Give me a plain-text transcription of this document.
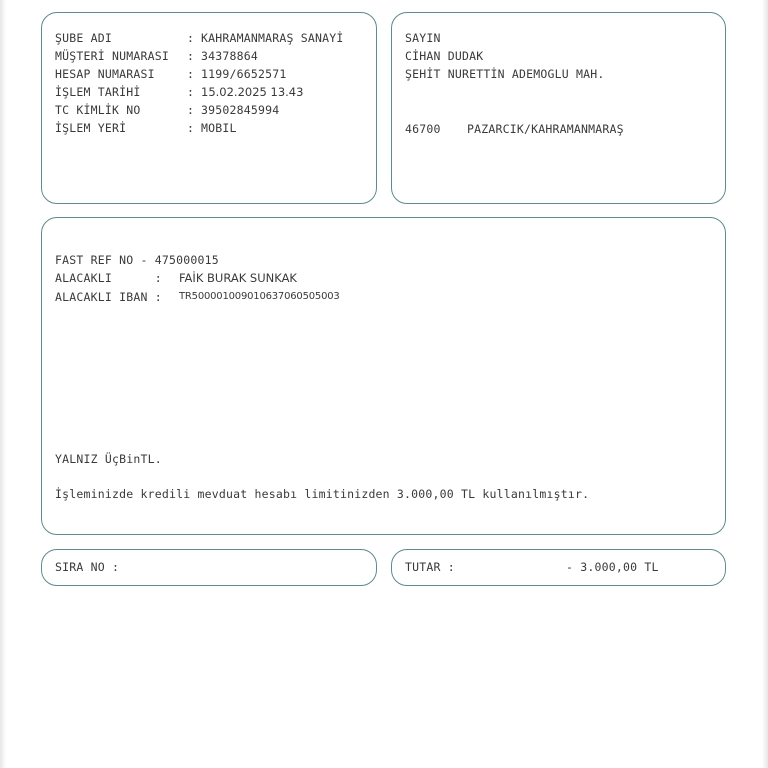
ŞUBE ADI	: KAHRAMANMARAŞ SANAYİ
MÜŞTERİ NUMARASI : 34378864
HESAP NUMARASI	: 1199/6652571
İŞLEM TARİHİ	: 15.02.2025 13.43
TC KİMLİK NO	: 39502845994
İŞLEM YERİ	: MOBIL
SAYIN
CİHAN DUDAK
ŞEHİT NURETTİN ADEMOGLU MAH.
46700 PAZARCIK/KAHRAMANMARAŞ
FAST REF NO - 475000015
ALACAKLI      : FAİK BURAK SUNKAK
ALACAKLI IBAN : TR500001009010637060505003
YALNIZ ÜçBinTL.
İşleminizde kredili mevduat hesabı limitinizden 3.000,00 TL kullanılmıştır.
SIRA NO :	TUTAR :	- 3.000,00 TL
